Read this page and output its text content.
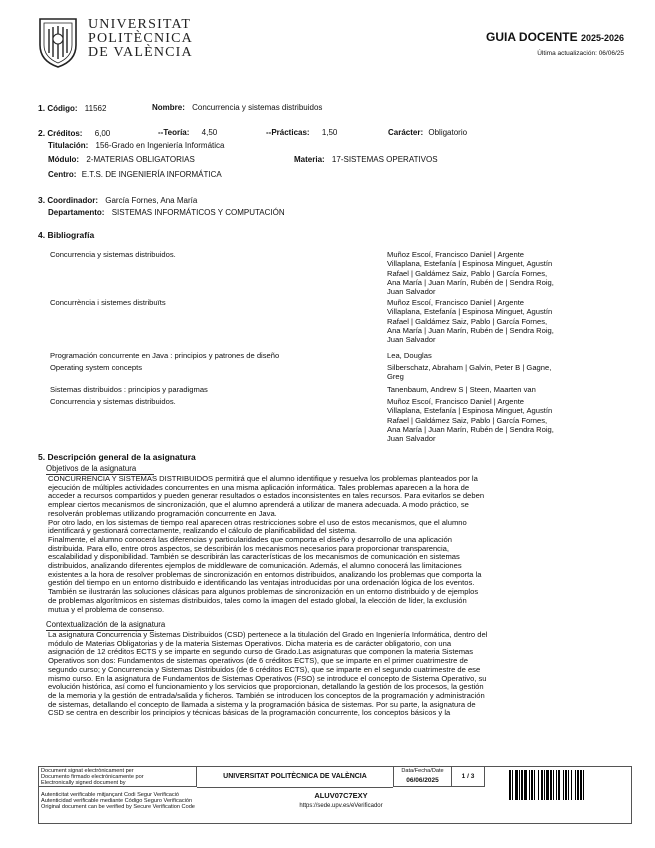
UNIVERSITAT
POLITÈCNICA
DE VALÈNCIA
GUIA DOCENTE 2025-2026
Última actualización: 06/06/25
1. Código: 11562	Nombre: Concurrencia y sistemas distribuidos
2. Créditos: 6,00	--Teoría: 4,50	--Prácticas: 1,50	Carácter: Obligatorio
Titulación: 156-Grado en Ingeniería Informática
Módulo: 2-MATERIAS OBLIGATORIAS	Materia: 17-SISTEMAS OPERATIVOS
Centro: E.T.S. DE INGENIERÍA INFORMÁTICA
3. Coordinador: García Fornes, Ana María
Departamento: SISTEMAS INFORMÁTICOS Y COMPUTACIÓN
4. Bibliografía
Concurrencia y sistemas distribuidos.	Muñoz Escoí, Francisco Daniel | Argente
Villaplana, Estefanía | Espinosa Minguet, Agustín
Rafael | Galdámez Saiz, Pablo | García Fornes,
Ana María | Juan Marín, Rubén de | Sendra Roig,
Juan Salvador
Concurrència i sistemes distribuïts	Muñoz Escoí, Francisco Daniel | Argente
Villaplana, Estefanía | Espinosa Minguet, Agustín
Rafael | Galdámez Saiz, Pablo | García Fornes,
Ana María | Juan Marín, Rubén de | Sendra Roig,
Juan Salvador
Programación concurrente en Java : principios y patrones de diseño	Lea, Douglas
Operating system concepts	Silberschatz, Abraham | Galvin, Peter B | Gagne,
Greg
Sistemas distribuidos : principios y paradigmas	Tanenbaum, Andrew S | Steen, Maarten van
Concurrencia y sistemas distribuidos.	Muñoz Escoí, Francisco Daniel | Argente
Villaplana, Estefanía | Espinosa Minguet, Agustín
Rafael | Galdámez Saiz, Pablo | García Fornes,
Ana María | Juan Marín, Rubén de | Sendra Roig,
Juan Salvador
5. Descripción general de la asignatura
Objetivos de la asignatura
CONCURRENCIA Y SISTEMAS DISTRIBUIDOS permitirá que el alumno identifique y resuelva los problemas planteados por la
ejecución de múltiples actividades concurrentes en una misma aplicación informática. Tales problemas aparecen a la hora de
acceder a recursos compartidos y pueden generar resultados o estados inconsistentes en tales recursos. Para evitarlos se deben
emplear ciertos mecanismos de sincronización, que el alumno aprenderá a utilizar de manera adecuada. A modo práctico, se
resolverán problemas utilizando programación concurrente en Java.
Por otro lado, en los sistemas de tiempo real aparecen otras restricciones sobre el uso de estos mecanismos, que el alumno
identificará y gestionará correctamente, realizando el cálculo de planificabilidad del sistema.
Finalmente, el alumno conocerá las diferencias y particularidades que comporta el diseño y desarrollo de una aplicación
distribuida. Para ello, entre otros aspectos, se describirán los mecanismos necesarios para proporcionar transparencia,
escalabilidad y disponibilidad. También se describirán las características de los mecanismos de comunicación en sistemas
distribuidos, analizando diferentes ejemplos de middleware de comunicación. Además, el alumno conocerá las limitaciones
existentes a la hora de resolver problemas de sincronización en entornos distribuidos, analizando los problemas que comporta la
gestión del tiempo en un entorno distribuido e identificando las ventajas introducidas por una ordenación lógica de los eventos.
También se ilustrarán las soluciones clásicas para algunos problemas de sincronización en un entorno distribuido y de ejemplos
de problemas algorítmicos en sistemas distribuidos, tales como la imagen del estado global, la elección de líder, la exclusión
mutua y el problema de consenso.
Contextualización de la asignatura
La asignatura Concurrencia y Sistemas Distribuidos (CSD) pertenece a la titulación del Grado en Ingeniería Informática, dentro del
módulo de Materias Obligatorias y de la materia Sistemas Operativos. Dicha materia es de carácter obligatorio, con una
asignación de 12 créditos ECTS y se imparte en segundo curso de Grado.Las asignaturas que componen la materia Sistemas
Operativos son dos: Fundamentos de sistemas operativos (de 6 créditos ECTS), que se imparte en el primer cuatrimestre de
segundo curso; y Concurrencia y Sistemas Distribuidos (de 6 créditos ECTS), que se imparte en el segundo cuatrimestre de ese
mismo curso. En la asignatura de Fundamentos de Sistemas Operativos (FSO) se introduce el concepto de Sistema Operativo, su
evolución histórica, así como el funcionamiento y los servicios que proporcionan, detallando la gestión de los procesos, la gestión
de la memoria y la gestión de entrada/salida y ficheros. También se introducen los conceptos de la programación y administración
de sistemas, detallando el concepto de llamada a sistema y la programación básica de sistemas. Por su parte, la asignatura de
CSD se centra en describir los principios y técnicas básicas de la programación concurrente, los conceptos básicos y la
Document signat electrònicament per
Documento firmado electrónicamente por
Electronically signed document by
UNIVERSITAT POLITÈCNICA DE VALÈNCIA
Data/Fecha/Date
06/06/2025
1 / 3
Autenticitat verificable mitjançant Codi Segur Verificació
Autenticidad verificable mediante Código Seguro Verificación
Original document can be verified by Secure Verification Code
ALUV07C7EXY
https://sede.upv.es/eVerificador
